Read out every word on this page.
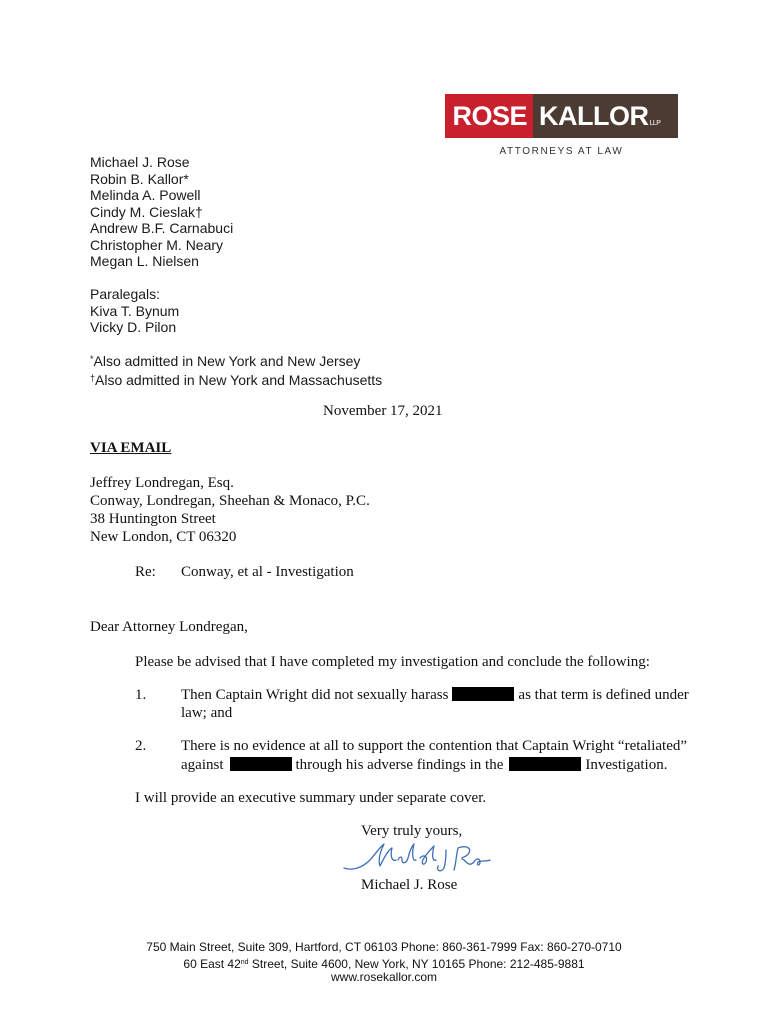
ROSE KALLOR LLP
ATTORNEYS AT LAW
Michael J. Rose
Robin B. Kallor*
Melinda A. Powell
Cindy M. Cieslak†
Andrew B.F. Carnabuci
Christopher M. Neary
Megan L. Nielsen
Paralegals:
Kiva T. Bynum
Vicky D. Pilon
*Also admitted in New York and New Jersey
†Also admitted in New York and Massachusetts
November 17, 2021
VIA EMAIL
Jeffrey Londregan, Esq.
Conway, Londregan, Sheehan & Monaco, P.C.
38 Huntington Street
New London, CT 06320
Re: Conway, et al - Investigation
Dear Attorney Londregan,
Please be advised that I have completed my investigation and conclude the following:
1. Then Captain Wright did not sexually harass	as that term is defined under
law; and
2. There is no evidence at all to support the contention that Captain Wright “retaliated”
against	through his adverse findings in the	Investigation.
I will provide an executive summary under separate cover.
Very truly yours,
Michael J. Rose
750 Main Street, Suite 309, Hartford, CT 06103 Phone: 860-361-7999 Fax: 860-270-0710
60 East 42nd Street, Suite 4600, New York, NY 10165 Phone: 212-485-9881
www.rosekallor.com
